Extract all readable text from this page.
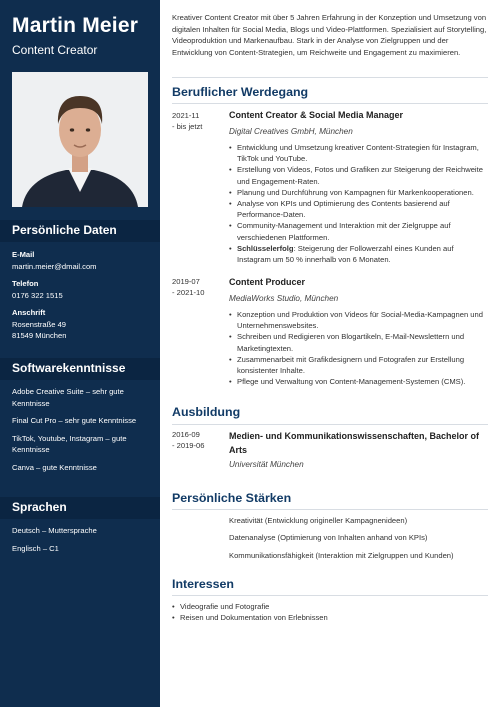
Martin Meier
Content Creator
Persönliche Daten
E-Mail
martin.meier@dmail.com
Telefon
0176 322 1515
Anschrift
Rosenstraße 49
81549 München
Softwarekenntnisse
Adobe Creative Suite – sehr gute Kenntnisse
Final Cut Pro – sehr gute Kenntnisse
TikTok, Youtube, Instagram – gute Kenntnisse
Canva – gute Kenntnisse
Sprachen
Deutsch – Muttersprache
Englisch – C1
Kreativer Content Creator mit über 5 Jahren Erfahrung in der Konzeption und Umsetzung von digitalen Inhalten für Social Media, Blogs und Video-Plattformen. Spezialisiert auf Storytelling, Videoproduktion und Markenaufbau. Stark in der Analyse von Zielgruppen und der Entwicklung von Content-Strategien, um Reichweite und Engagement zu maximieren.
Beruflicher Werdegang
2021-11
- bis jetzt
Content Creator & Social Media Manager
Digital Creatives GmbH, München
• Entwicklung und Umsetzung kreativer Content-Strategien für Instagram, TikTok und YouTube.
• Erstellung von Videos, Fotos und Grafiken zur Steigerung der Reichweite und Engagement-Raten.
• Planung und Durchführung von Kampagnen für Markenkooperationen.
• Analyse von KPIs und Optimierung des Contents basierend auf Performance-Daten.
• Community-Management und Interaktion mit der Zielgruppe auf verschiedenen Plattformen.
• Schlüsselerfolg: Steigerung der Followerzahl eines Kunden auf Instagram um 50 % innerhalb von 6 Monaten.
2019-07
- 2021-10
Content Producer
MediaWorks Studio, München
• Konzeption und Produktion von Videos für Social-Media-Kampagnen und Unternehmenswebsites.
• Schreiben und Redigieren von Blogartikeln, E-Mail-Newslettern und Marketingtexten.
• Zusammenarbeit mit Grafikdesignern und Fotografen zur Erstellung konsistenter Inhalte.
• Pflege und Verwaltung von Content-Management-Systemen (CMS).
Ausbildung
2016-09
- 2019-06
Medien- und Kommunikationswissenschaften, Bachelor of Arts
Universität München
Persönliche Stärken
Kreativität (Entwicklung origineller Kampagnenideen)
Datenanalyse (Optimierung von Inhalten anhand von KPIs)
Kommunikationsfähigkeit (Interaktion mit Zielgruppen und Kunden)
Interessen
• Videografie und Fotografie
• Reisen und Dokumentation von Erlebnissen
